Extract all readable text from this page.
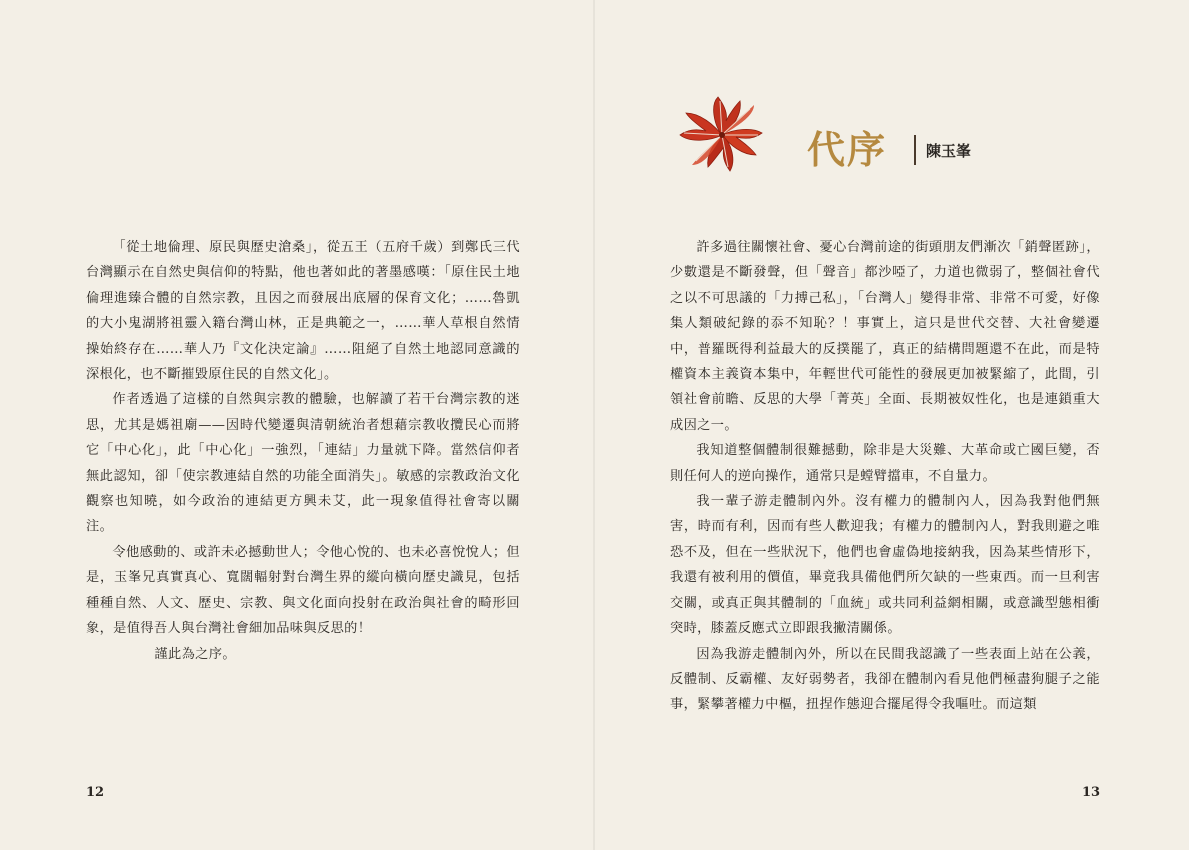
「從土地倫理、原民與歷史滄桑」，從五王（五府千歲）到鄭氏三代台灣顯示在自然史與信仰的特點，他也著如此的著墨感嘆：「原住民土地倫理進臻合體的自然宗教，且因之而發展出底層的保育文化；……魯凱的大小鬼湖將祖靈入籍台灣山林，正是典範之一，……華人草根自然情操始終存在……華人乃『文化決定論』……阻絕了自然土地認同意識的深根化，也不斷摧毀原住民的自然文化」。

作者透過了這樣的自然與宗教的體驗，也解讀了若干台灣宗教的迷思，尤其是媽祖廟——因時代變遷與清朝統治者想藉宗教收攬民心而將它「中心化」，此「中心化」一強烈，「連結」力量就下降。當然信仰者無此認知，卻「使宗教連結自然的功能全面消失」。敏感的宗教政治文化觀察也知曉，如今政治的連結更方興未艾，此一現象值得社會寄以關注。

令他感動的、或許未必撼動世人；令他心悅的、也未必喜悅悅人；但是，玉峯兄真實真心、寬闊輻射對台灣生界的縱向橫向歷史識見，包括種種自然、人文、歷史、宗教、與文化面向投射在政治與社會的畸形回象，是值得吾人與台灣社會細加品味與反思的！

謹此為之序。

12
代序	陳玉峯

許多過往關懷社會、憂心台灣前途的街頭朋友們漸次「銷聲匿跡」，少數還是不斷發聲，但「聲音」都沙啞了，力道也微弱了，整個社會代之以不可思議的「力搏己私」，「台灣人」變得非常、非常不可愛，好像集人類破紀錄的忝不知恥？！事實上，這只是世代交替、大社會變遷中，普羅既得利益最大的反撲罷了，真正的結構問題還不在此，而是特權資本主義資本集中，年輕世代可能性的發展更加被緊縮了，此間，引領社會前瞻、反思的大學「菁英」全面、長期被奴性化，也是連鎖重大成因之一。

我知道整個體制很難撼動，除非是大災難、大革命或亡國巨變，否則任何人的逆向操作，通常只是螳臂擋車，不自量力。

我一輩子游走體制內外。沒有權力的體制內人，因為我對他們無害，時而有利，因而有些人歡迎我；有權力的體制內人，對我則避之唯恐不及，但在一些狀況下，他們也會虛偽地接納我，因為某些情形下，我還有被利用的價值，畢竟我具備他們所欠缺的一些東西。而一旦利害交關，或真正與其體制的「血統」或共同利益網相關，或意識型態相衝突時，膝蓋反應式立即跟我撇清關係。

因為我游走體制內外，所以在民間我認識了一些表面上站在公義，反體制、反霸權、友好弱勢者，我卻在體制內看見他們極盡狗腿子之能事，緊攀著權力中樞，扭捏作態迎合擺尾得令我嘔吐。而這類

13
